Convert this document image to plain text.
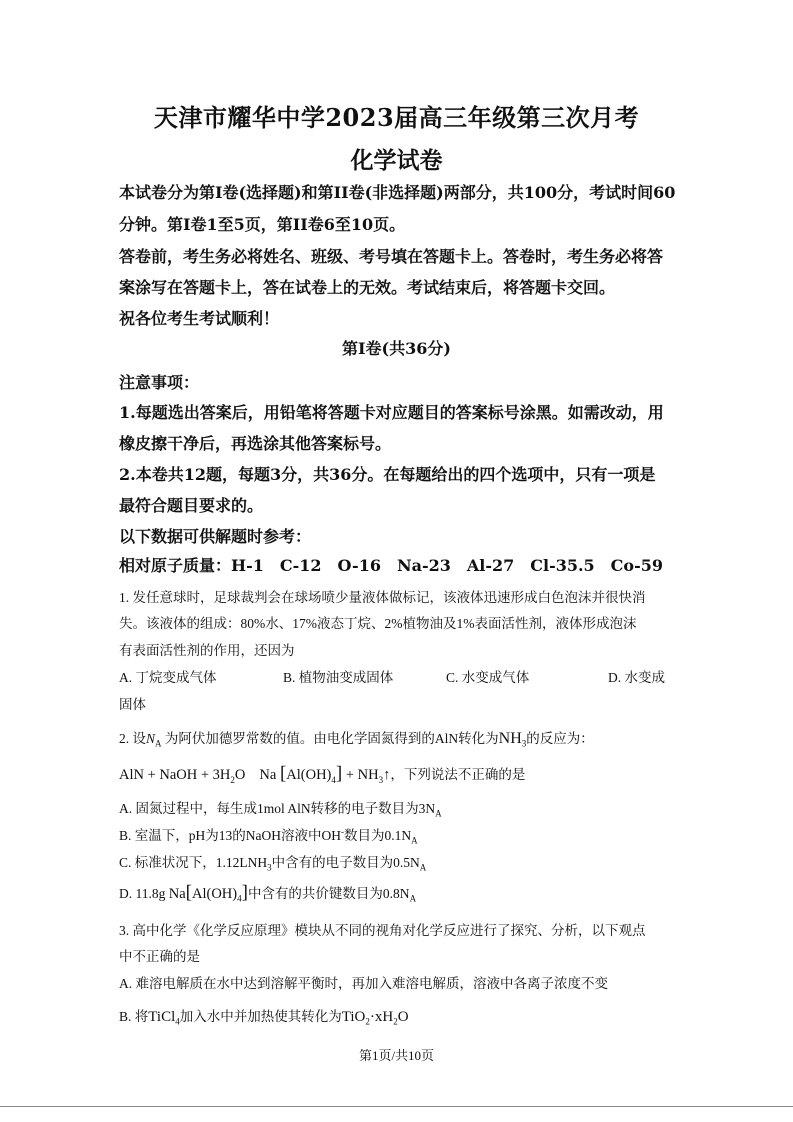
天津市耀华中学2023届高三年级第三次月考
化学试卷
本试卷分为第I卷(选择题)和第II卷(非选择题)两部分，共100分，考试时间60
分钟。第I卷1至5页，第II卷6至10页。
答卷前，考生务必将姓名、班级、考号填在答题卡上。答卷时，考生务必将答
案涂写在答题卡上，答在试卷上的无效。考试结束后，将答题卡交回。
祝各位考生考试顺利！
第I卷(共36分)
注意事项：
1.每题选出答案后，用铅笔将答题卡对应题目的答案标号涂黑。如需改动，用
橡皮擦干净后，再选涂其他答案标号。
2.本卷共12题，每题3分，共36分。在每题给出的四个选项中，只有一项是
最符合题目要求的。
以下数据可供解题时参考：
相对原子质量：H-1　C-12　O-16　Na-23　Al-27　Cl-35.5　Co-59
1. 发任意球时，足球裁判会在球场喷少量液体做标记，该液体迅速形成白色泡沫并很快消
失。该液体的组成：80%水、17%液态丁烷、2%植物油及1%表面活性剂，液体形成泡沫
有表面活性剂的作用，还因为
A. 丁烷变成气体	B. 植物油变成固体	C. 水变成气体	D. 水变成
固体
2. 设$N_A$ 为阿伏加德罗常数的值。由电化学固氮得到的AlN转化为$NH_3$的反应为：
AlN + NaOH + $3H_2O$ Na $[Al(OH)_4]$ + $NH_3↑$，下列说法不正确的是
A. 固氮过程中，每生成1mol AlN转移的电子数目为$3N_A$
B. 室温下，pH为13的NaOH溶液中OH-数目为$0.1N_A$
C. 标准状况下，$1.12LNH_3$中含有的电子数目为$0.5N_A$
D. 11.8g $Na[Al(OH)_4]$中含有的共价键数目为$0.8N_A$
3. 高中化学《化学反应原理》模块从不同的视角对化学反应进行了探究、分析，以下观点
中不正确的是
A. 难溶电解质在水中达到溶解平衡时，再加入难溶电解质，溶液中各离子浓度不变
B. 将TiCl$_4$加入水中并加热使其转化为$TiO_2\cdot xH_2O$
第1页/共10页
